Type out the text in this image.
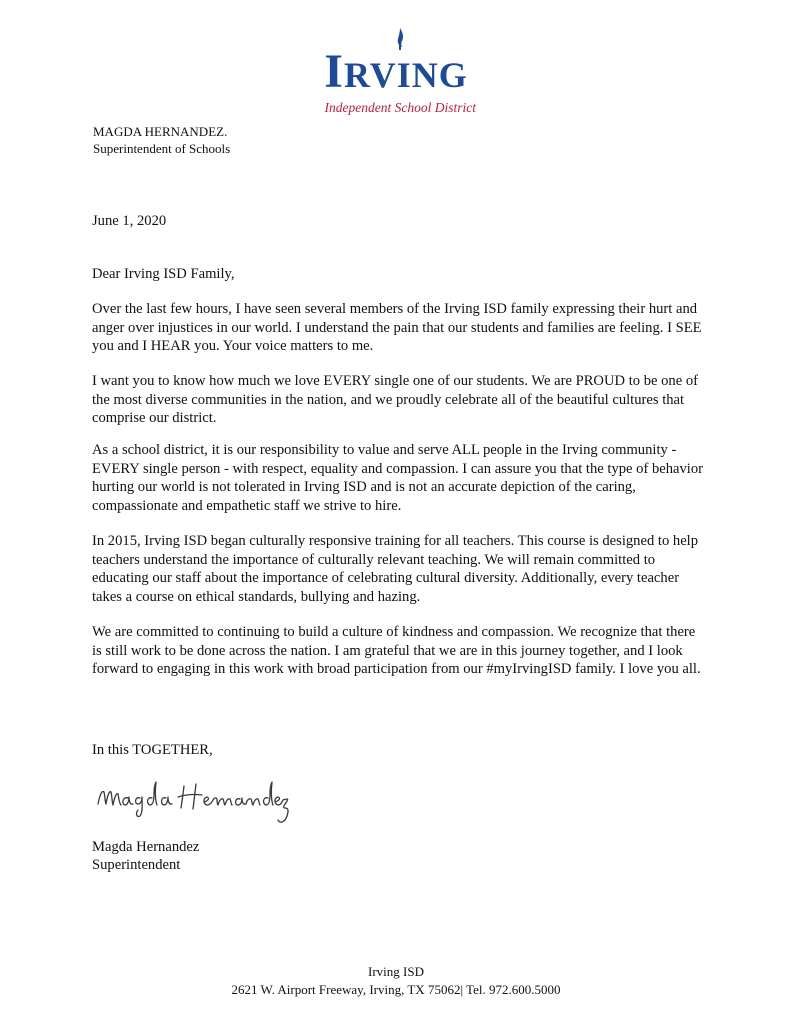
IRVING
Independent School District
MAGDA HERNANDEZ.
Superintendent of Schools
June 1, 2020
Dear Irving ISD Family,

Over the last few hours, I have seen several members of the Irving ISD family expressing their hurt and anger over injustices in our world. I understand the pain that our students and families are feeling. I SEE you and I HEAR you. Your voice matters to me.

I want you to know how much we love EVERY single one of our students. We are PROUD to be one of the most diverse communities in the nation, and we proudly celebrate all of the beautiful cultures that comprise our district.

As a school district, it is our responsibility to value and serve ALL people in the Irving community - EVERY single person - with respect, equality and compassion. I can assure you that the type of behavior hurting our world is not tolerated in Irving ISD and is not an accurate depiction of the caring, compassionate and empathetic staff we strive to hire.

In 2015, Irving ISD began culturally responsive training for all teachers. This course is designed to help teachers understand the importance of culturally relevant teaching. We will remain committed to educating our staff about the importance of celebrating cultural diversity. Additionally, every teacher takes a course on ethical standards, bullying and hazing.

We are committed to continuing to build a culture of kindness and compassion. We recognize that there is still work to be done across the nation. I am grateful that we are in this journey together, and I look forward to engaging in this work with broad participation from our #myIrvingISD family. I love you all.

In this TOGETHER,
Magda Hernandez
Superintendent
Irving ISD
2621 W. Airport Freeway, Irving, TX 75062| Tel. 972.600.5000
